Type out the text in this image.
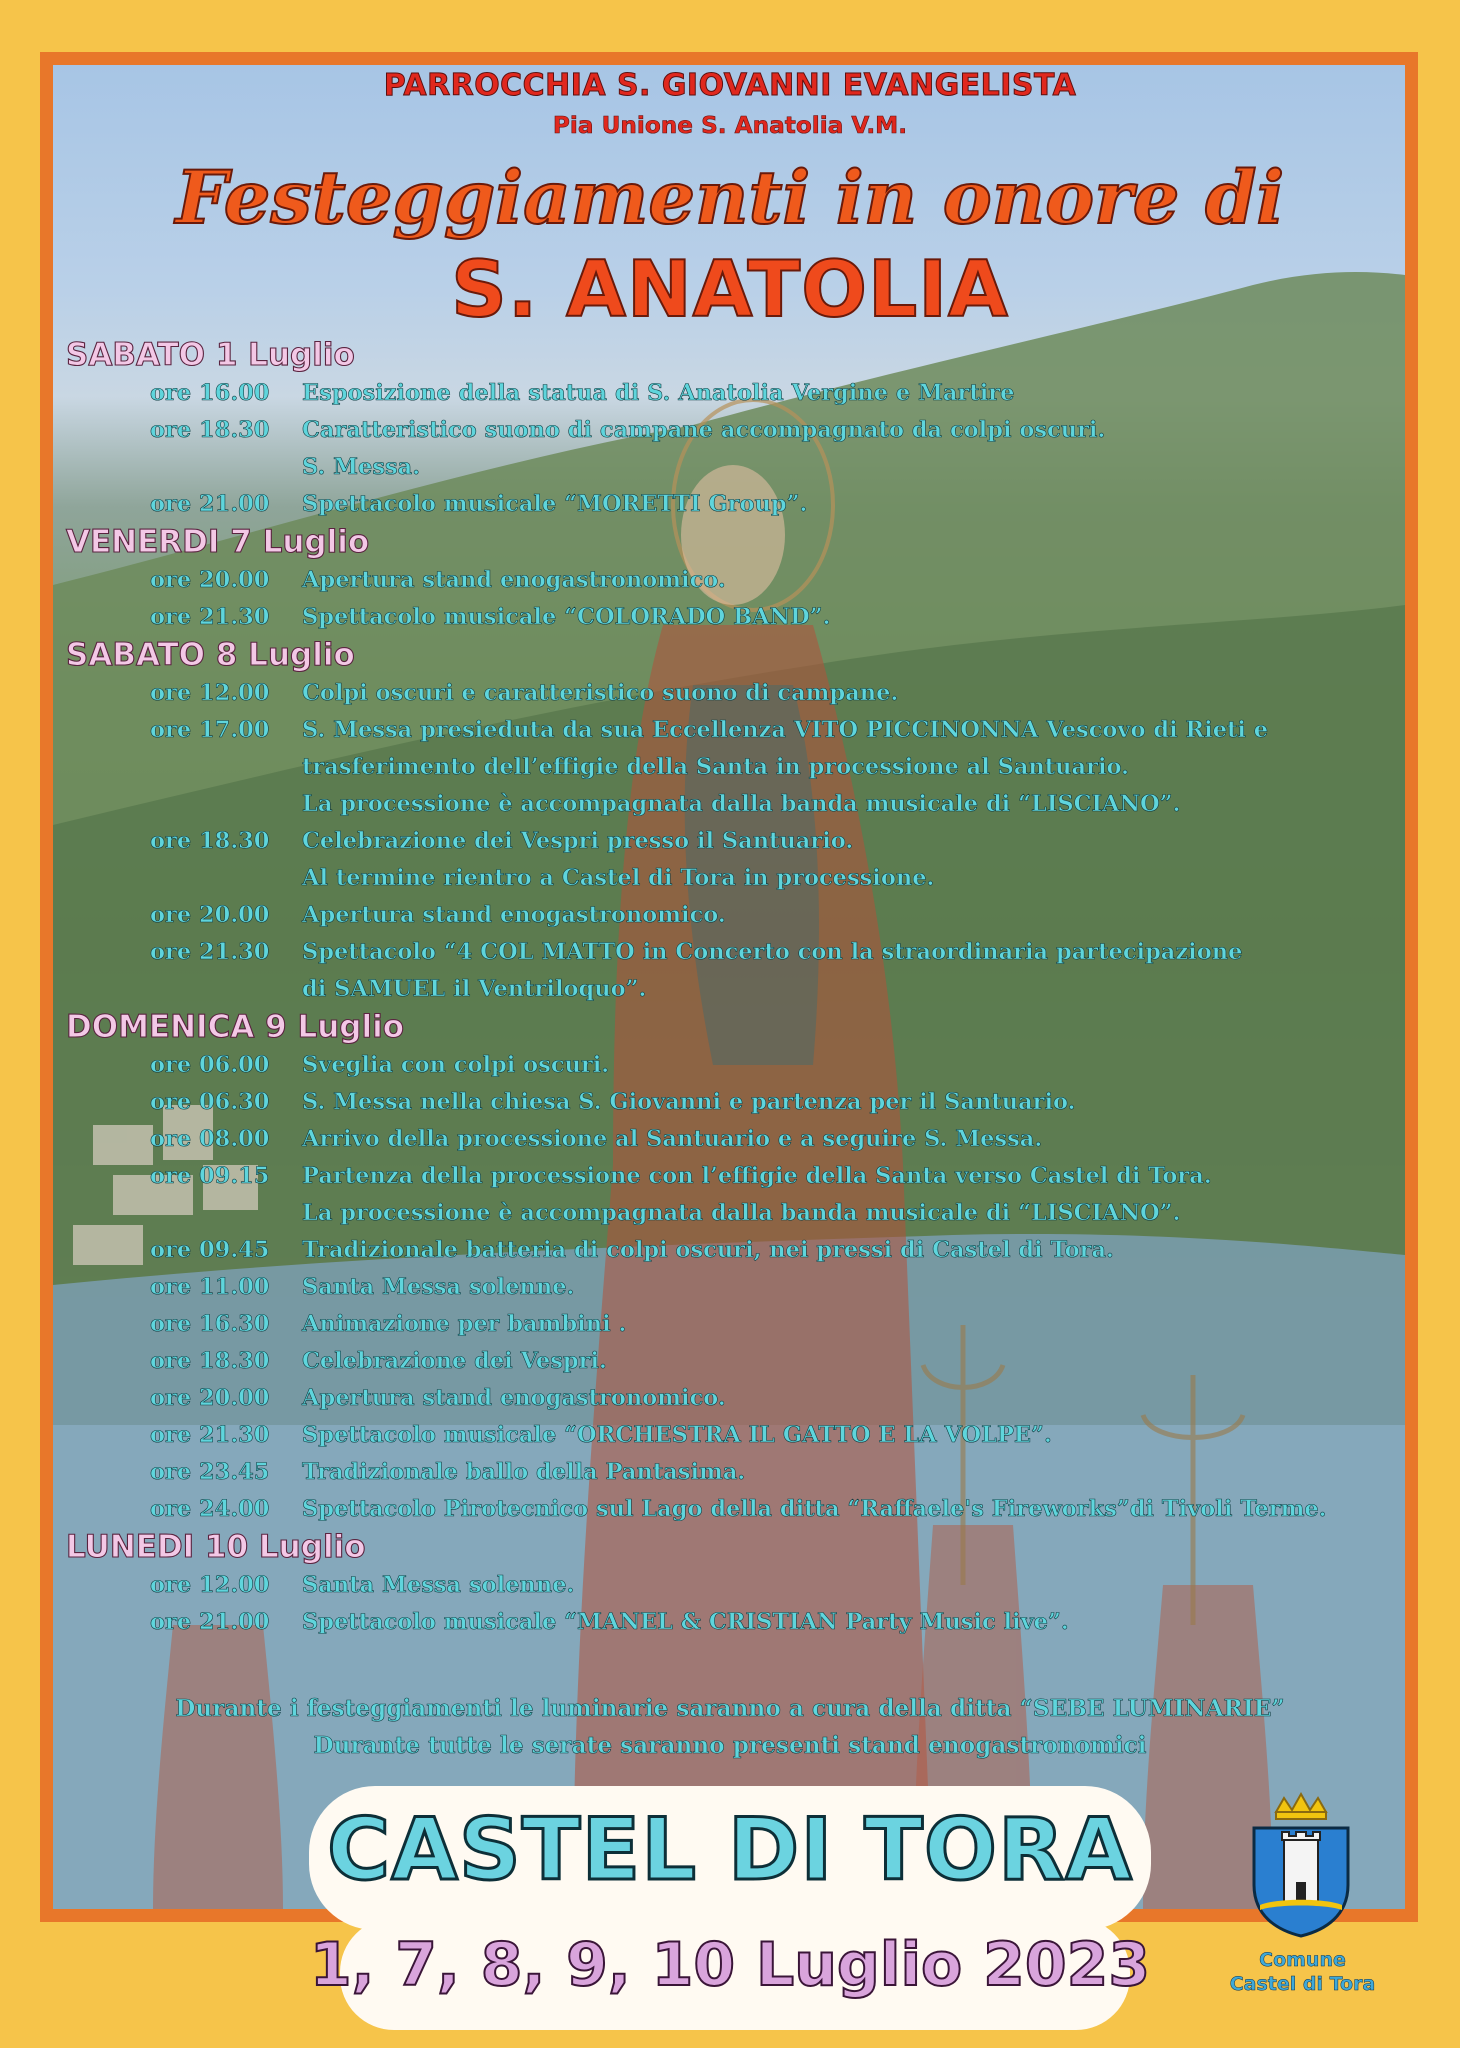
PARROCCHIA S. GIOVANNI EVANGELISTA
Pia Unione S. Anatolia V.M.
Festeggiamenti in onore di
S. ANATOLIA
SABATO 1 Luglio
ore 16.00	Esposizione della statua di S. Anatolia Vergine e Martire
ore 18.30	Caratteristico suono di campane accompagnato da colpi oscuri.
S. Messa.
ore 21.00	Spettacolo musicale “MORETTI Group”.
VENERDI 7 Luglio
ore 20.00	Apertura stand enogastronomico.
ore 21.30	Spettacolo musicale “COLORADO BAND”.
SABATO 8 Luglio
ore 12.00	Colpi oscuri e caratteristico suono di campane.
ore 17.00	S. Messa presieduta da sua Eccellenza VITO PICCINONNA Vescovo di Rieti e
trasferimento dell’effigie della Santa in processione al Santuario.
La processione è accompagnata dalla banda musicale di “LISCIANO”.
ore 18.30	Celebrazione dei Vespri presso il Santuario.
Al termine rientro a Castel di Tora in processione.
ore 20.00	Apertura stand enogastronomico.
ore 21.30	Spettacolo “4 COL MATTO in Concerto con la straordinaria partecipazione
di SAMUEL il Ventriloquo”.
DOMENICA 9 Luglio
ore 06.00	Sveglia con colpi oscuri.
ore 06.30	S. Messa nella chiesa S. Giovanni e partenza per il Santuario.
ore 08.00	Arrivo della processione al Santuario e a seguire S. Messa.
ore 09.15	Partenza della processione con l’effigie della Santa verso Castel di Tora.
La processione è accompagnata dalla banda musicale di “LISCIANO”.
ore 09.45	Tradizionale batteria di colpi oscuri, nei pressi di Castel di Tora.
ore 11.00	Santa Messa solenne.
ore 16.30	Animazione per bambini .
ore 18.30	Celebrazione dei Vespri.
ore 20.00	Apertura stand enogastronomico.
ore 21.30	Spettacolo musicale “ORCHESTRA IL GATTO E LA VOLPE”.
ore 23.45	Tradizionale ballo della Pantasima.
ore 24.00	Spettacolo Pirotecnico sul Lago della ditta “Raffaele's Fireworks”di Tivoli Terme.
LUNEDI 10 Luglio
ore 12.00	Santa Messa solenne.
ore 21.00	Spettacolo musicale “MANEL & CRISTIAN Party Music live”.
Durante i festeggiamenti le luminarie saranno a cura della ditta “SEBE LUMINARIE”
Durante tutte le serate saranno presenti stand enogastronomici
CASTEL DI TORA
1, 7, 8, 9, 10 Luglio 2023	Comune
Castel di Tora
